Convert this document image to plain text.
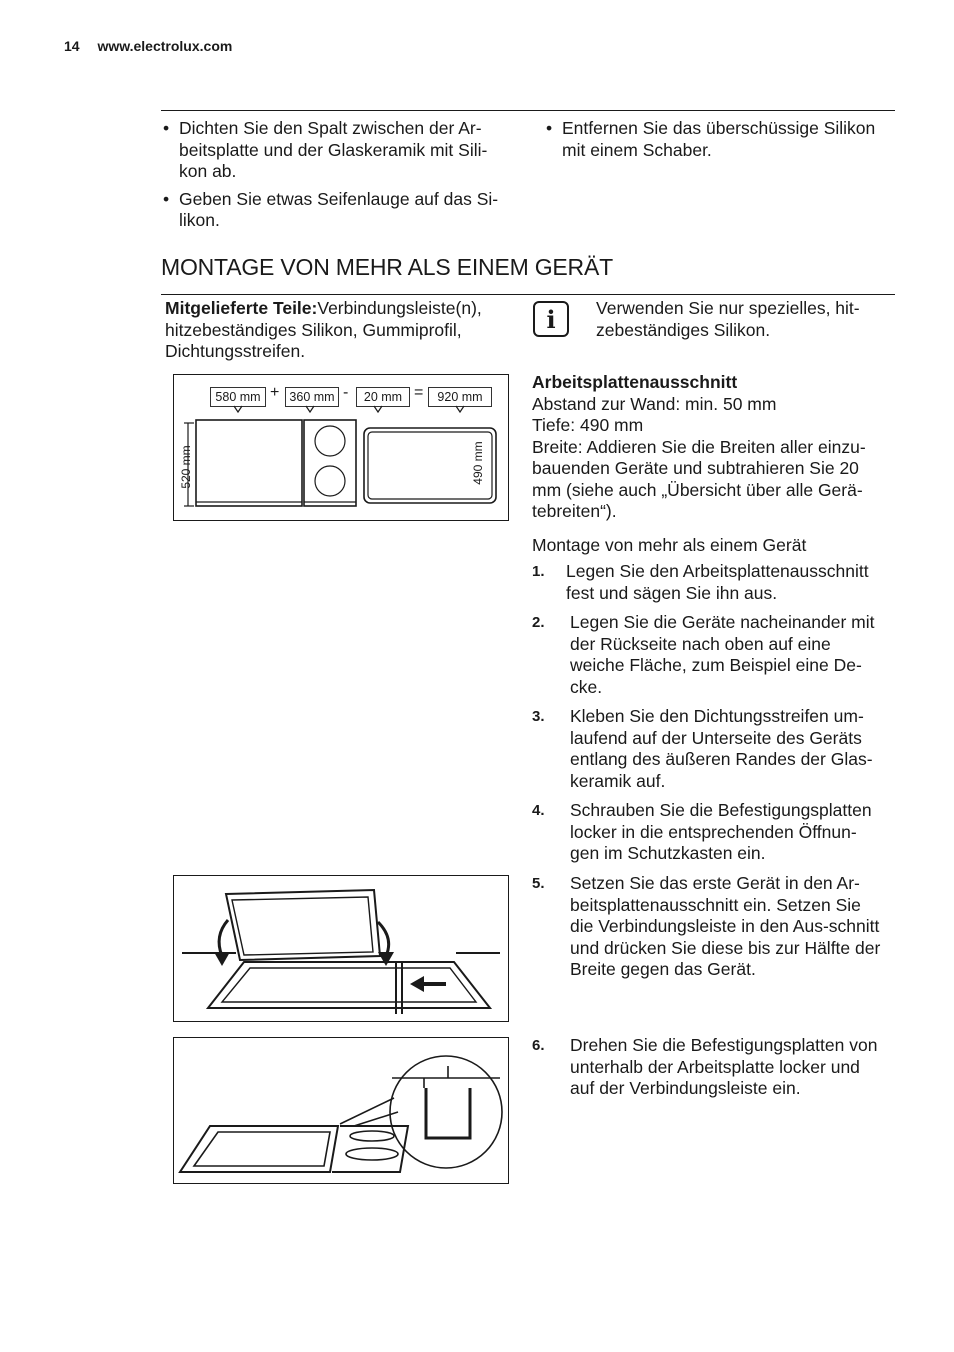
14 www.electrolux.com
• Dichten Sie den Spalt zwischen der Ar-beitsplatte und der Glaskeramik mit Sili-kon ab.
• Geben Sie etwas Seifenlauge auf das Si-likon.
• Entfernen Sie das überschüssige Silikon mit einem Schaber.
MONTAGE VON MEHR ALS EINEM GERÄT
Mitgelieferte Teile:Verbindungsleiste(n), hitzebeständiges Silikon, Gummiprofil, Dichtungsstreifen.
i	Verwenden Sie nur spezielles, hit-zebeständiges Silikon.
580 mm + 360 mm -	20 mm =	920 mm
520 mm	490 mm
Arbeitsplattenausschnitt
Abstand zur Wand: min. 50 mm
Tiefe: 490 mm
Breite: Addieren Sie die Breiten aller einzu-bauenden Geräte und subtrahieren Sie 20 mm (siehe auch „Übersicht über alle Gerä-tebreiten“).
Montage von mehr als einem Gerät
1. Legen Sie den Arbeitsplattenausschnitt fest und sägen Sie ihn aus.
2. Legen Sie die Geräte nacheinander mit der Rückseite nach oben auf eine weiche Fläche, zum Beispiel eine De-cke.
3. Kleben Sie den Dichtungsstreifen um-laufend auf der Unterseite des Geräts entlang des äußeren Randes der Glas-keramik auf.
4. Schrauben Sie die Befestigungsplatten locker in die entsprechenden Öffnun-gen im Schutzkasten ein.
5. Setzen Sie das erste Gerät in den Ar-beitsplattenausschnitt ein. Setzen Sie die Verbindungsleiste in den Aus-schnitt und drücken Sie diese bis zur Hälfte der Breite gegen das Gerät.
6. Drehen Sie die Befestigungsplatten von unterhalb der Arbeitsplatte locker und auf der Verbindungsleiste ein.
